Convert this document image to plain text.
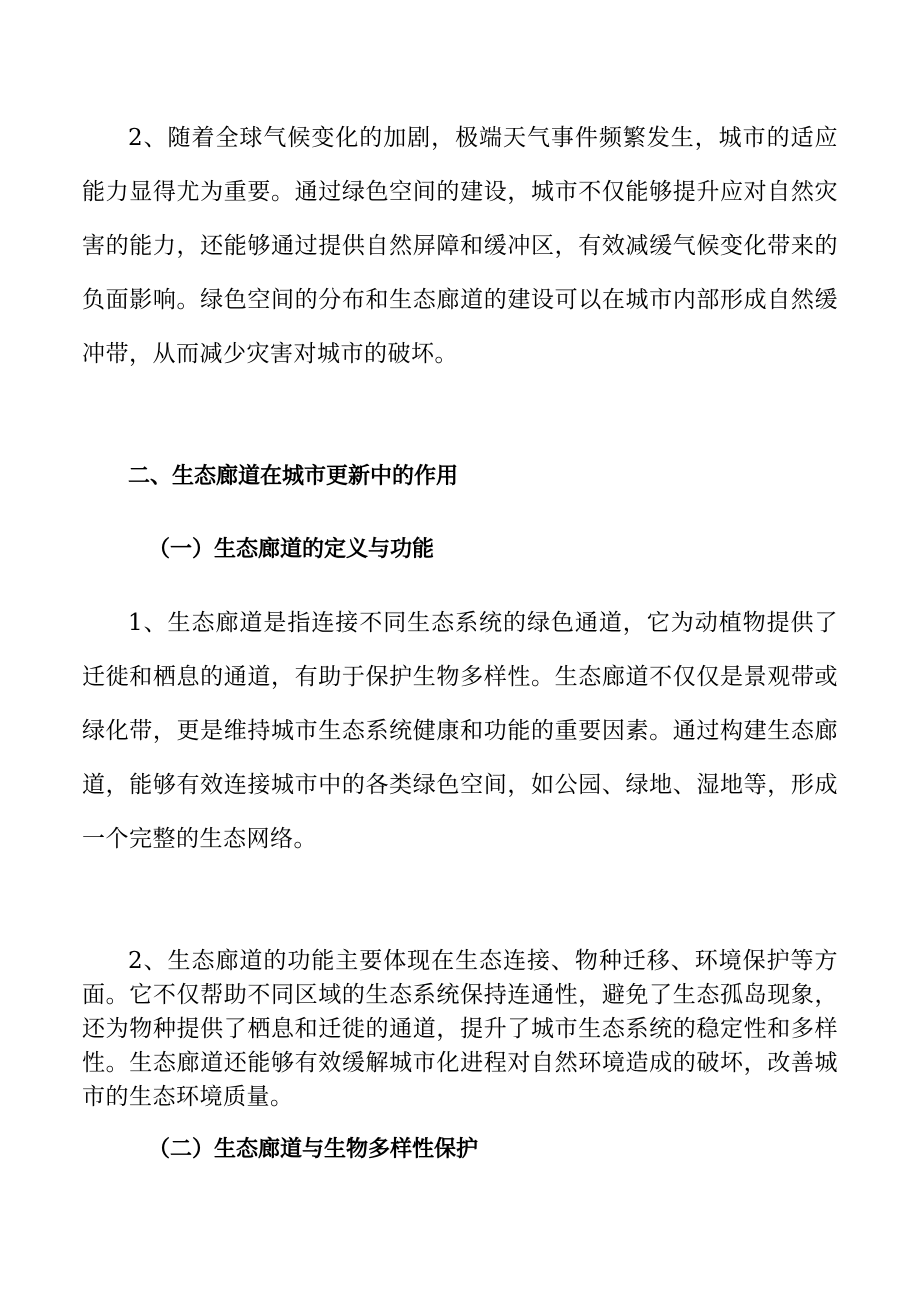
2、随着全球气候变化的加剧，极端天气事件频繁发生，城市的适应能力显得尤为重要。通过绿色空间的建设，城市不仅能够提升应对自然灾害的能力，还能够通过提供自然屏障和缓冲区，有效减缓气候变化带来的负面影响。绿色空间的分布和生态廊道的建设可以在城市内部形成自然缓冲带，从而减少灾害对城市的破坏。

二、生态廊道在城市更新中的作用
（一）生态廊道的定义与功能

1、生态廊道是指连接不同生态系统的绿色通道，它为动植物提供了迁徙和栖息的通道，有助于保护生物多样性。生态廊道不仅仅是景观带或绿化带，更是维持城市生态系统健康和功能的重要因素。通过构建生态廊道，能够有效连接城市中的各类绿色空间，如公园、绿地、湿地等，形成一个完整的生态网络。

2、生态廊道的功能主要体现在生态连接、物种迁移、环境保护等方面。它不仅帮助不同区域的生态系统保持连通性，避免了生态孤岛现象，还为物种提供了栖息和迁徙的通道，提升了城市生态系统的稳定性和多样性。生态廊道还能够有效缓解城市化进程对自然环境造成的破坏，改善城市的生态环境质量。

（二）生态廊道与生物多样性保护
